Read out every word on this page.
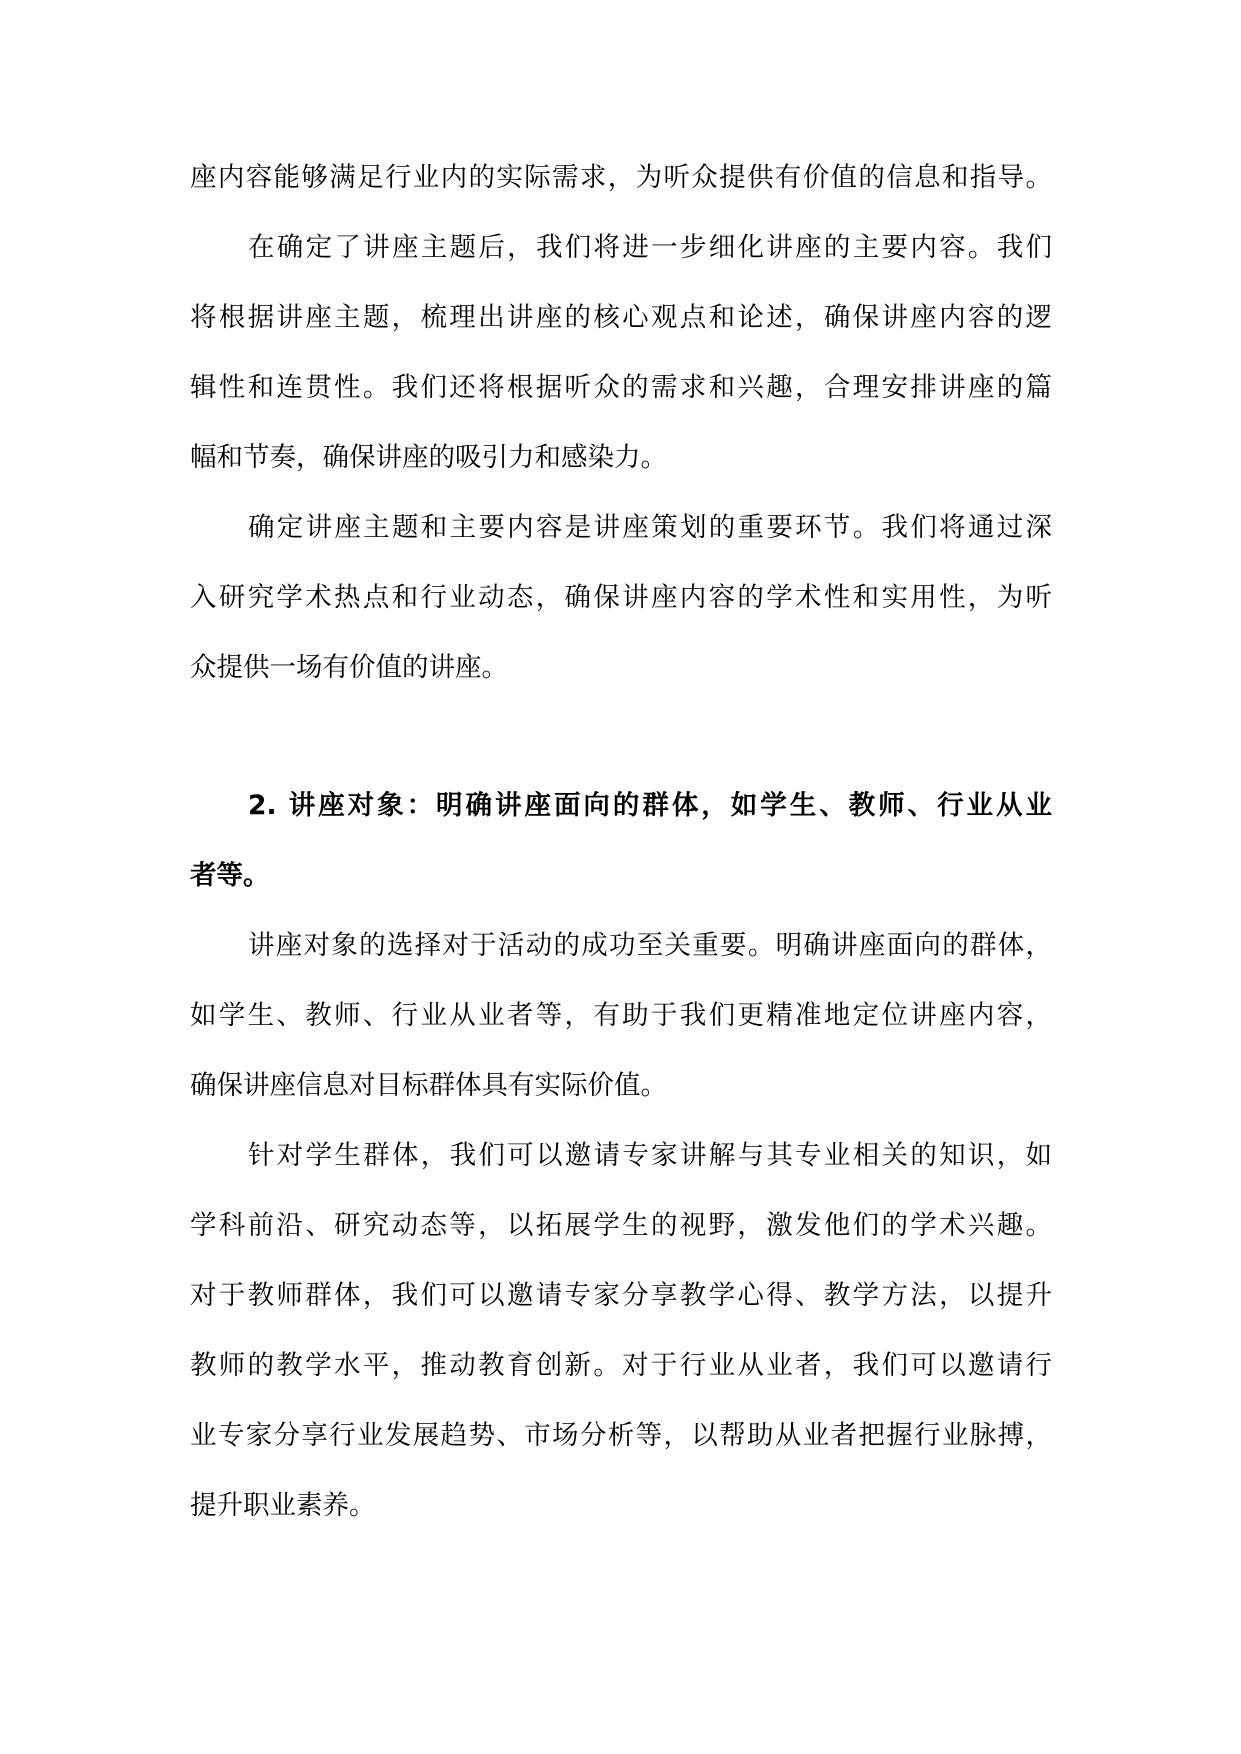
座内容能够满足行业内的实际需求，为听众提供有价值的信息和指导。
在确定了讲座主题后，我们将进一步细化讲座的主要内容。我们
将根据讲座主题，梳理出讲座的核心观点和论述，确保讲座内容的逻
辑性和连贯性。我们还将根据听众的需求和兴趣，合理安排讲座的篇
幅和节奏，确保讲座的吸引力和感染力。
确定讲座主题和主要内容是讲座策划的重要环节。我们将通过深
入研究学术热点和行业动态，确保讲座内容的学术性和实用性，为听
众提供一场有价值的讲座。
2. 讲座对象：明确讲座面向的群体，如学生、教师、行业从业
者等。
讲座对象的选择对于活动的成功至关重要。明确讲座面向的群体，
如学生、教师、行业从业者等，有助于我们更精准地定位讲座内容，
确保讲座信息对目标群体具有实际价值。
针对学生群体，我们可以邀请专家讲解与其专业相关的知识，如
学科前沿、研究动态等，以拓展学生的视野，激发他们的学术兴趣。
对于教师群体，我们可以邀请专家分享教学心得、教学方法，以提升
教师的教学水平，推动教育创新。对于行业从业者，我们可以邀请行
业专家分享行业发展趋势、市场分析等，以帮助从业者把握行业脉搏，
提升职业素养。
